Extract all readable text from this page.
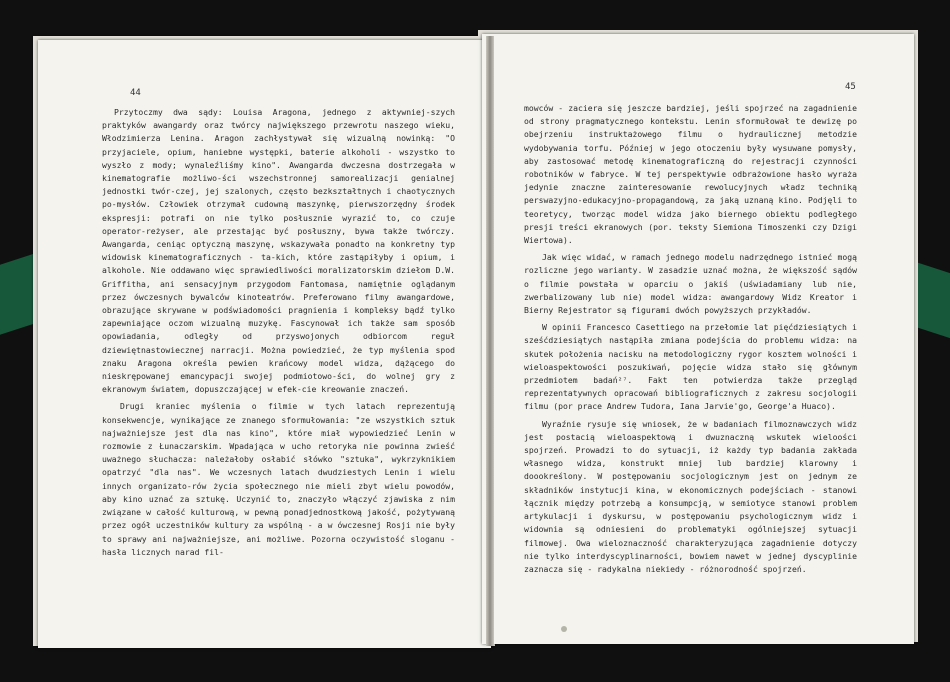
44

Przytoczmy dwa sądy: Louisa Aragona, jednego z aktywniej-szych praktyków awangardy oraz twórcy największego przewrotu naszego wieku, Włodzimierza Lenina. Aragon zachłystywał się wizualną nowinką: "O przyjaciele, opium, haniebne występki, baterie alkoholi - wszystko to wyszło z mody; wynaleźliśmy kino". Awangarda dwczesna dostrzegała w kinematografie możliwo-ści wszechstronnej samorealizacji genialnej jednostki twór-czej, jej szalonych, często bezkształtnych i chaotycznych po-mysłów. Człowiek otrzymał cudowną maszynkę, pierwszorzędny środek ekspresji: potrafi on nie tylko posłusznie wyrazić to, co czuje operator-reżyser, ale przestając być posłuszny, bywa także twórczy. Awangarda, ceniąc optyczną maszynę, wskazywała ponadto na konkretny typ widowisk kinematograficznych - ta-kich, które zastąpiłyby i opium, i alkohole. Nie oddawano więc sprawiedliwości moralizatorskim dziełom D.W. Griffitha, ani sensacyjnym przygodom Fantomasa, namiętnie oglądanym przez ówczesnych bywalców kinoteatrów. Preferowano filmy awangardowe, obrazujące skrywane w podświadomości pragnienia i kompleksy bądź tylko zapewniające oczom wizualną muzykę. Fascynował ich także sam sposób opowiadania, odległy od przyswojonych odbiorcom reguł dziewiętnastowiecznej narracji. Można powiedzieć, że typ myślenia spod znaku Aragona określa pewien krańcowy model widza, dążącego do nieskrępowanej emancypacji swojej podmiotowo-ści, do wolnej gry z ekranowym światem, dopuszczającej w efek-cie kreowanie znaczeń.

Drugi kraniec myślenia o filmie w tych latach reprezentują konsekwencje, wynikające ze znanego sformułowania: "ze wszystkich sztuk najważniejsze jest dla nas kino", które miał wypowiedzieć Lenin w rozmowie z Łunaczarskim. Wpadająca w ucho retoryka nie powinna zwieść uważnego słuchacza: należałoby osłabić słówko "sztuka", wykrzyknikiem opatrzyć "dla nas". We wczesnych latach dwudziestych Lenin i wielu innych organizato-rów życia społecznego nie mieli zbyt wielu powodów, aby kino uznać za sztukę. Uczynić to, znaczyło włączyć zjawiska z nim związane w całość kulturową, w pewną ponadjednostkową jakość, pożytywaną przez ogół uczestników kultury za wspólną - a w ówczesnej Rosji nie były to sprawy ani najważniejsze, ani możliwe. Pozorna oczywistość sloganu - hasła licznych narad fil-

45

mowców - zaciera się jeszcze bardziej, jeśli spojrzeć na zagadnienie od strony pragmatycznego kontekstu. Lenin sformułował te dewizę po obejrzeniu instruktażowego filmu o hydraulicznej metodzie wydobywania torfu. Później w jego otoczeniu były wysuwane pomysły, aby zastosować metodę kinematograficzną do rejestracji czynności robotników w fabryce. W tej perspektywie odbrażowione hasło wyraża jedynie znaczne zainteresowanie rewolucyjnych władz techniką perswazyjno-edukacyjno-propagandową, za jaką uznaną kino. Podjęli to teoretycy, tworząc model widza jako biernego obiektu podległego presji treści ekranowych (por. teksty Siemiona Timoszenki czy Dzigi Wiertowa).

Jak więc widać, w ramach jednego modelu nadrzędnego istnieć mogą rozliczne jego warianty. W zasadzie uznać można, że większość sądów o filmie powstała w oparciu o jakiś (uświadamiany lub nie, zwerbalizowany lub nie) model widza: awangardowy Widz Kreator i Bierny Rejestrator są figurami dwóch powyższych przykładów.

W opinii Francesco Casettiego na przełomie lat pięćdziesiątych i sześćdziesiątych nastąpiła zmiana podejścia do problemu widza: na skutek położenia nacisku na metodologiczny rygor kosztem wolności i wieloaspektowości poszukiwań, pojęcie widza stało się głównym przedmiotem badań²⁷. Fakt ten potwierdza także przegląd reprezentatywnych opracowań bibliograficznych z zakresu socjologii filmu (por prace Andrew Tudora, Iana Jarvie'go, George'a Huaco).

Wyraźnie rysuje się wniosek, że w badaniach filmoznawczych widz jest postacią wieloaspektową i dwuznaczną wskutek wieloości spojrzeń. Prowadzi to do sytuacji, iż każdy typ badania zakłada własnego widza, konstrukt mniej lub bardziej klarowny i doookreślony. W postępowaniu socjologicznym jest on jednym ze składników instytucji kina, w ekonomicznych podejściach - stanowi łącznik między potrzebą a konsumpcją, w semiotyce stanowi problem artykulacji i dyskursu, w postępowaniu psychologicznym widz i widownia są odniesieni do problematyki ogólniejszej sytuacji filmowej. Owa wieloznaczność charakteryzująca zagadnienie dotyczy nie tylko interdyscyplinarności, bowiem nawet w jednej dyscyplinie zaznacza się - radykalna niekiedy - różnorodność spojrzeń.
